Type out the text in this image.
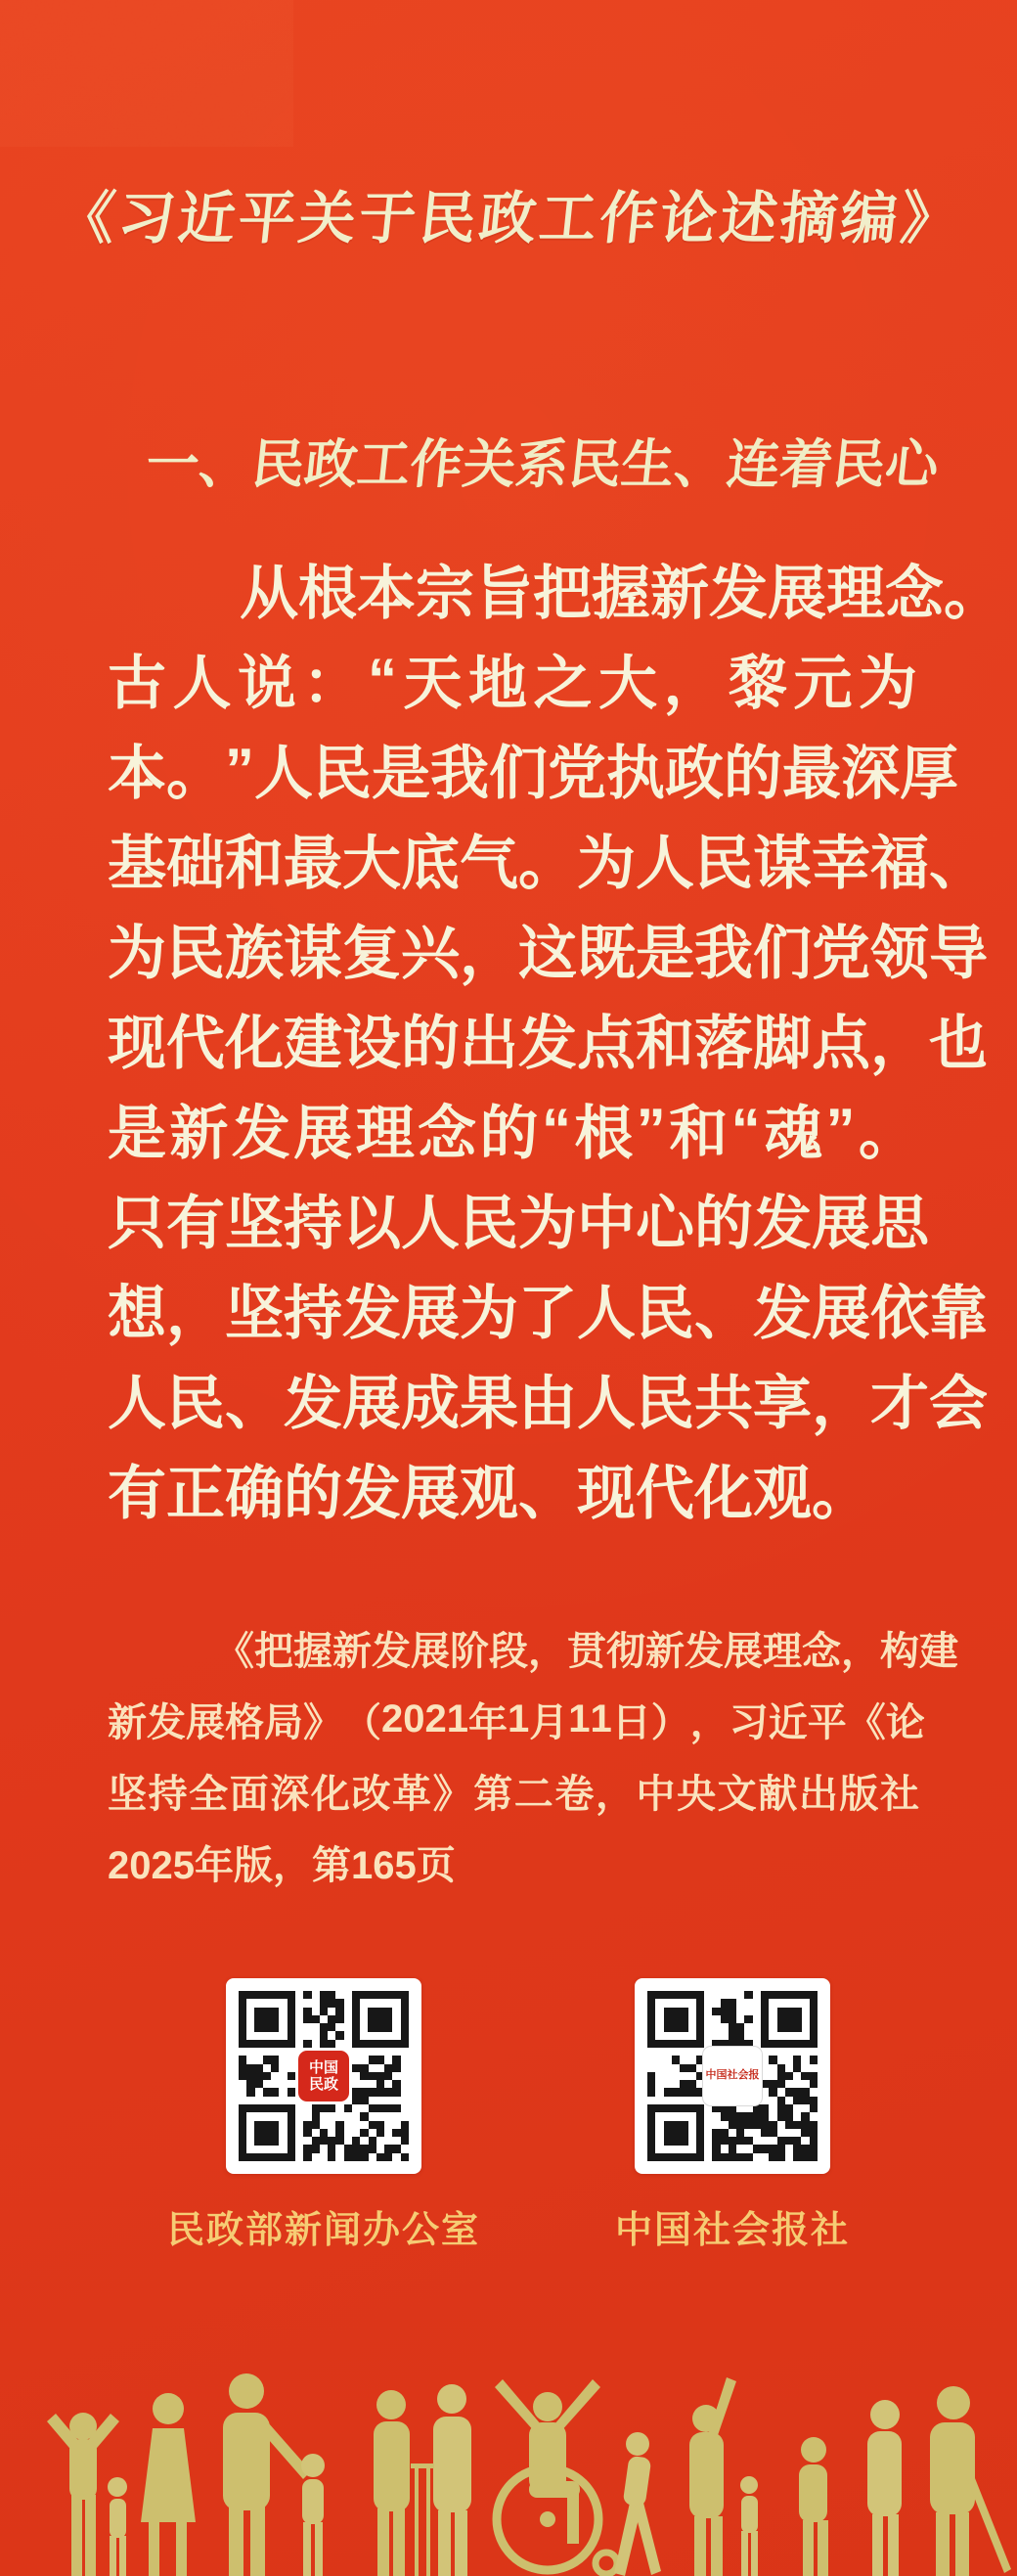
《
习
近
平
关
于
民
政
工
作
论
述
摘
编
》
一
、
民
政
工
作
关
系
民
生
、
连
着
民
心
从 根 本 宗 旨 把 握 新 发 展 理 念 。
古 人 说 ： “ 天 地 之 大 ， 黎 元 为
本 。 ” 人 民 是 我 们 党 执 政 的 最 深 厚
基 础 和 最 大 底 气 。 为 人 民 谋 幸 福 、
为 民 族 谋 复 兴 ， 这 既 是 我 们 党 领 导
现 代 化 建 设 的 出 发 点 和 落 脚 点 ， 也
是 新 发 展 理 念 的 “ 根 ” 和 “ 魂 ” 。
只 有 坚 持 以 人 民 为 中 心 的 发 展 思
想 ， 坚 持 发 展 为 了 人 民 、 发 展 依 靠
人 民 、 发 展 成 果 由 人 民 共 享 ， 才 会
有正确的发展观、现代化观。
《 把 握 新 发 展 阶 段 ， 贯 彻 新 发 展 理 念 ， 构 建
新 发 展 格 局 》 （ 2 0 2 1 年 1 月 1 1 日 ） ， 习 近 平 《 论
坚 持 全 面 深 化 改 革 》 第 二 卷 ， 中 央 文 献 出 版 社
2025年版，第165页
中国民政
民政部新闻办公室
中国社会报
中国社会报社
